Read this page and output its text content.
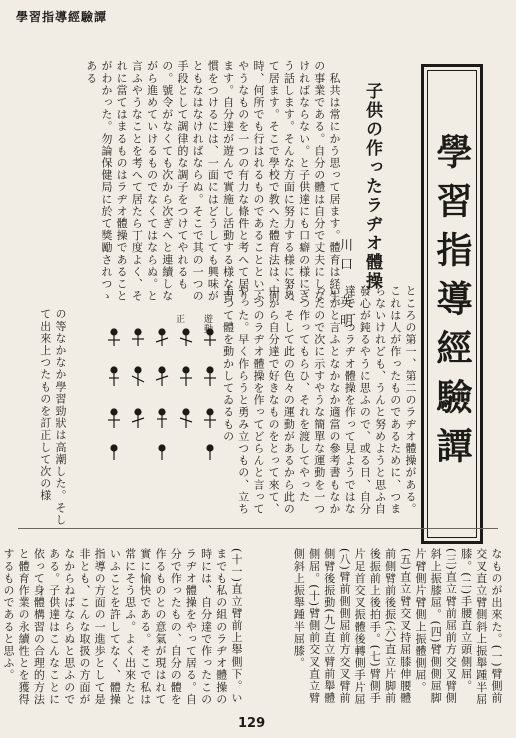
學習指導經驗譚
學習指導經驗譚
子供の作ったラヂオ體操
川口　英明
　私共は常にかう思って居ます。體育は経生の事業である。自分の體は自分で丈夫にしなければならない。と子供達にも口癖の様にさう話します。そんな方面に努力する様に努めて居ます。そこで學校で教へた體育法は、何時、何所でも行はれるものであることといふやうなものを一つの有力な條件と考へて居ります。自分達が遊んで實施し活動する様な習慣をつけるには、一面にはどうしても興味がともなはなければならぬ。そこで其の一つの手段として調律的な調子をつけてやれるもの。號令がなくても次から次ぎへと連續しながら進めていけるものでなくてはならぬ。と言ふやうなことを考へて居たら丁度よく、それに當てはまるものはラヂオ體操であることがわかった。勿論保健局に於て獎勵されつゝある
ところの第一、第二のラヂオ體操がある。これは人が作ったものであるために、つまらないけれども、うんと努めようと思ふ自發心が鈍るやうに思ふので、或る日、自分達で一つラヂオ體操を作って見ようではないかと言ふとなかなか適當の參考書もなかったので次に示すやうな簡單な運動を一つ一つ作ってもらひ、それを渡してやったら、そして此の色々の運動があるから此の中から自分達で好きなものをとって來て、一つのラヂオ體操を作ってどらんと言ってやった。早く作らうと勇み立つもの、立ち上つて體を動かしてゐるもの
正 遊動
の等なかなか學習勁狀は高潮した。そして出來上つたものを訂正して次の様
なものが出來た。(一)臂側前交叉直立臂側斜上振舉踵半屈膝。(二)手腰直立頭側屈。(三)直立臂前屈前方交叉臂側斜上振膝屈。(四)臂側側屈脚片臂側片臂側上振體側屈。(五)直立臂交叉持屈膝伸腰體前側臂前後振(六)直立片脚前後振前上後拍手。(七)臂側手片足首交叉振體後轉側手片屈(八)臂前側側屈前方交叉臂前側臂後振動(九)直立臂前舉體側屈。(十)臂側前交叉直立臂側斜上振舉踵半屈膝。
(十一)直立臂前上舉側下。いまでも私の組のラヂオ體操の時には、自分達で作ったこのラヂオ體操をやって居る。自分で作ったもの、自分の體を作るものとの意氣が現はれて實に愉快である。そこで私は常にそう思ふ。よく出來たといふことを許してなく、體操指導の方面の一進歩として是非とも、こんな取扱の方面がなからねばならぬと思ふのである。子供達はこんなことに依って身體構習の合理的方法と體育作業の永續性とを獲得するものであると思ふ。
129
